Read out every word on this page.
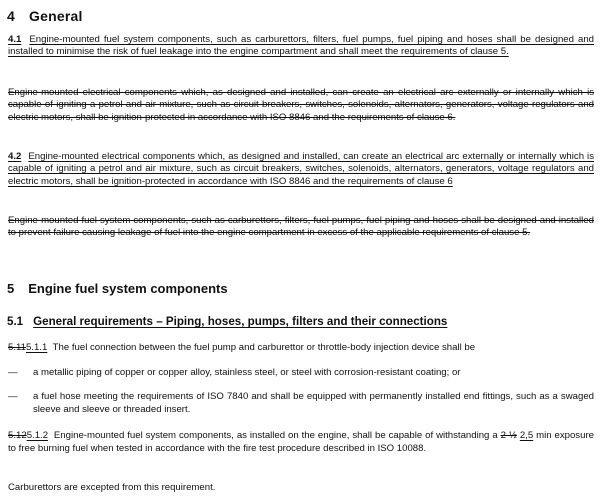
4 General

4.1 Engine-mounted fuel system components, such as carburettors, filters, fuel pumps, fuel piping and hoses shall be designed and installed to minimise the risk of fuel leakage into the engine compartment and shall meet the requirements of clause 5.

Engine-mounted electrical components which, as designed and installed, can create an electrical arc externally or internally which is capable of igniting a petrol and air mixture, such as circuit breakers, switches, solenoids, alternators, generators, voltage regulators and electric motors, shall be ignition-protected in accordance with ISO 8846 and the requirements of clause 6.

4.2 Engine-mounted electrical components which, as designed and installed, can create an electrical arc externally or internally which is capable of igniting a petrol and air mixture, such as circuit breakers, switches, solenoids, alternators, generators, voltage regulators and electric motors, shall be ignition-protected in accordance with ISO 8846 and the requirements of clause 6

Engine-mounted fuel system components, such as carburettors, filters, fuel pumps, fuel piping and hoses shall be designed and installed to prevent failure causing leakage of fuel into the engine compartment in excess of the applicable requirements of clause 5.

5 Engine fuel system components
5.1 General requirements – Piping, hoses, pumps, filters and their connections

5.115.1.1 The fuel connection between the fuel pump and carburettor or throttle-body injection device shall be

— a metallic piping of copper or copper alloy, stainless steel, or steel with corrosion-resistant coating; or

— a fuel hose meeting the requirements of ISO 7840 and shall be equipped with permanently installed end fittings, such as a swaged sleeve and sleeve or threaded insert.

5.125.1.2 Engine-mounted fuel system components, as installed on the engine, shall be capable of withstanding a 2 ½ 2,5 min exposure to free burning fuel when tested in accordance with the fire test procedure described in ISO 10088.

Carburettors are excepted from this requirement.
